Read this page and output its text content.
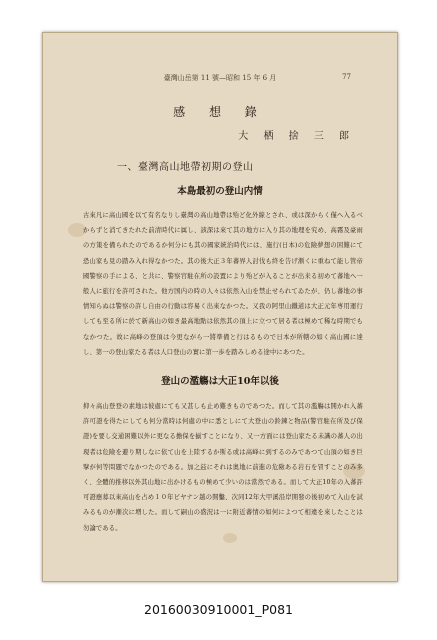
臺灣山岳第 11 號—昭和 15 年 6 月	77
感 想 錄
大 栖 捨 三 郎
一、臺灣高山地帶初期の登山
本島最初の登山内情
古來凡に高山國を以て有名なりし臺灣の高山地帶は殆ど化外線とされ、或は深からく僅へ入るべからずと消てきたれた前清時代に属し、該深は來て其の地方に入り其の地理を究め、高霧及豪雨の方策を備られたのであるか何分にも其の國家統治時代には、施行(日本)の危險夢想の困難にて恐山家も見の踏み入れ得なかつた。其の後大正３年蕃界人討伐も終を告げ漸くに重ねて能し管帝國警察の手による、と共に、警察官駐在所の設置により殆どが入ることが出来る初めて蕃地へ一般人に旅行を許可された。他方国内の時の人々は依然入山を禁止せられてゐたが、仍し蕃地の事情知らぬは警察の許し自由の行動は容易く出來なかつた。又我の阿里山鐵道は大正元年専用運行しても至る所に於て新高山の如き最高地點は依然其の頂上に立つて居る者は極めて稀な時期でもなかつた。故に高峰の登頂は今更ながら一將準備と行はるもので日本が所轄の如く高山國に達し、第一の登山家たる者は人口登山の實に第一歩を踏みしめる途中にあつた。
登山の濫觴は大正10年以後
抑々高山登登の素地は彼處にても又甚しも止め難きものであつた。而して其の濫觴は開かれ入蕃許可證を得たにしても何分當時は何處の中に悉としにて大登山の鈴鍊と物品(警官駐在所及び保證)を要し交通困難以外に更なる擔保を揃すことになり、又一方面には登山家たる未識の蕃人の出現者は危險を避り期しなに依て山を上陸するか斯る或は高峰に到するのみであつて山頂の如き巨擘が何等問題でなかつたのである。加之玆にそれは奥地に前進の危險ある岩石を冒すことのみ多く、全體的推移以外其山地に出かけるもの極めて少いのは當然である。而して大正10年の入蕃許可證應募以來高山を占め１０年ビヤナン越の開鑿、次同12年大甲溪沿岸開發の後初めて入山を試みるものが漸次に増した。而して嗣山の盛況は一に附近蕃情の如何によつて相違を來したことは勿論である。
20160030910001_P081
